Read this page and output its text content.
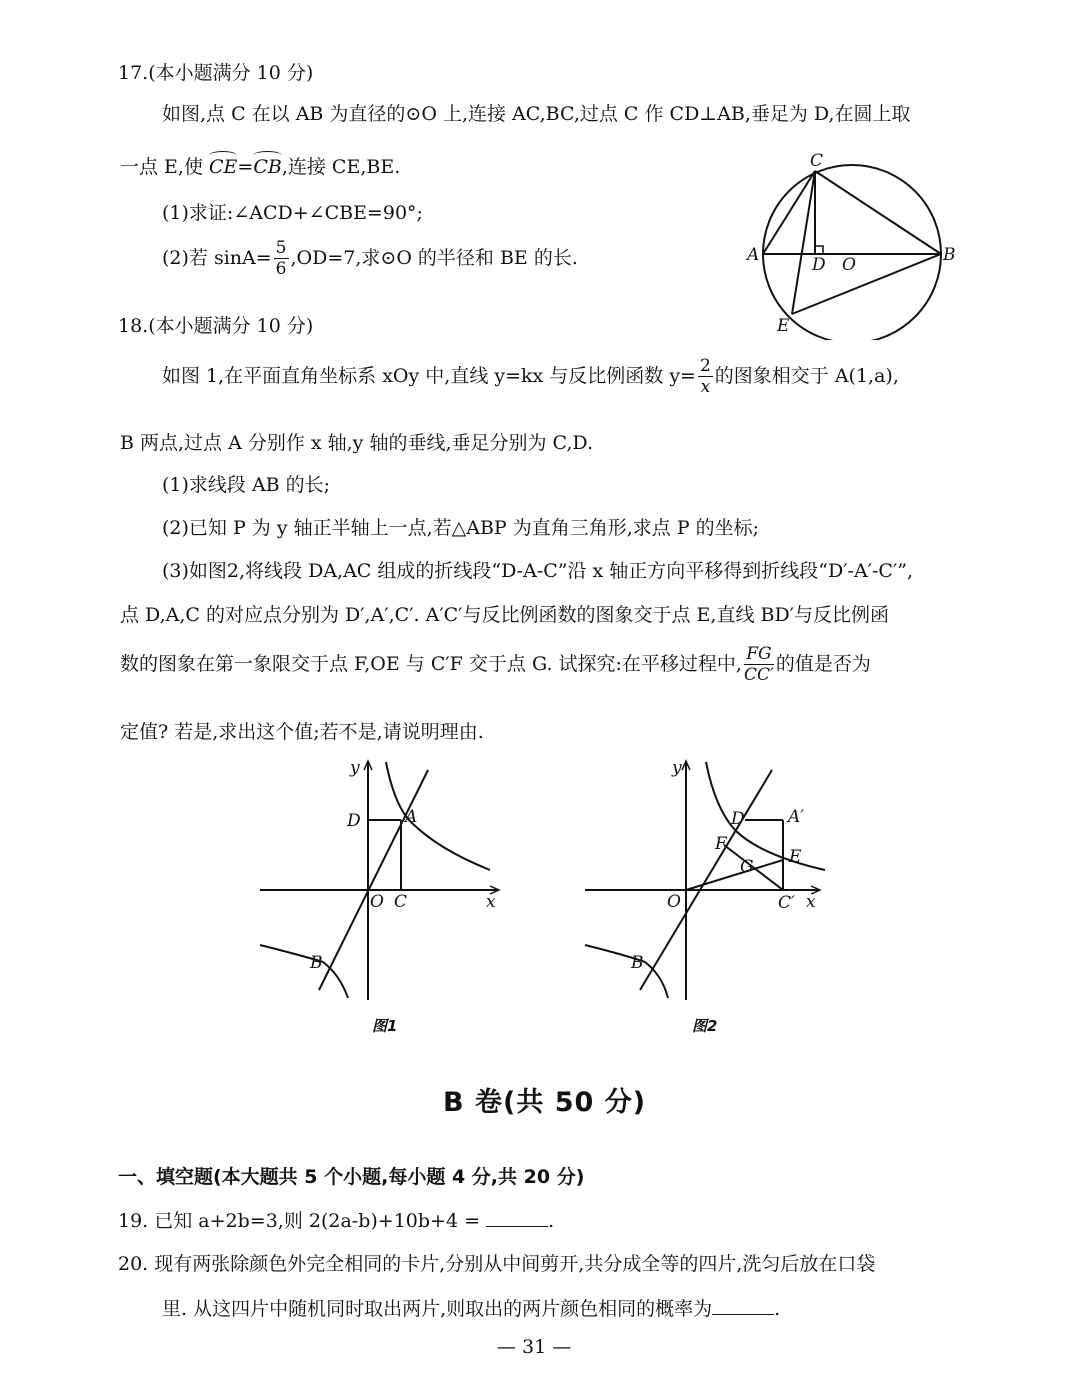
17.(本小题满分 10 分)
如图,点 C 在以 AB 为直径的⊙O 上,连接 AC,BC,过点 C 作 CD⊥AB,垂足为 D,在圆上取
一点 E,使 CE=CB,连接 CE,BE.
(1)求证:∠ACD+∠CBE=90°;
(2)若 $\sin A= \frac{5}{6} ,OD=7$,求⊙O 的半径和 BE 的长.
C
A	D O	B
E
18.(本小题满分 10 分)
如图 1,在平面直角坐标系 xOy 中,直线 y=kx 与反比例函数 $y= \frac{2}{x}$ 的图象相交于 A(1,a),
B 两点,过点 A 分别作 x 轴,y 轴的垂线,垂足分别为 C,D.
(1)求线段 AB 的长;
(2)已知 P 为 y 轴正半轴上一点,若△ABP 为直角三角形,求点 P 的坐标;
(3)如图2,将线段 DA,AC 组成的折线段“D-A-C”沿 x 轴正方向平移得到折线段“D′-A′-C′”,
点 D,A,C 的对应点分别为 D′,A′,C′. A′C′与反比例函数的图象交于点 E,直线 BD′与反比例函
数的图象在第一象限交于点 F,OE 与 C′F 交于点 G. 试探究:在平移过程中, $\frac{FG}{CC'}$ 的值是否为
定值? 若是,求出这个值;若不是,请说明理由.
y
D	A
O C	x
B
图1
y
D′ A′
F
G E
O	C′ x
B
图2
B 卷(共 50 分)
一、填空题(本大题共 5 个小题,每小题 4 分,共 20 分)
19. 已知 a+2b=3,则 2(2a-b)+10b+4 =	.
20. 现有两张除颜色外完全相同的卡片,分别从中间剪开,共分成全等的四片,洗匀后放在口袋
里. 从这四片中随机同时取出两片,则取出的两片颜色相同的概率为	.
— 31 —
